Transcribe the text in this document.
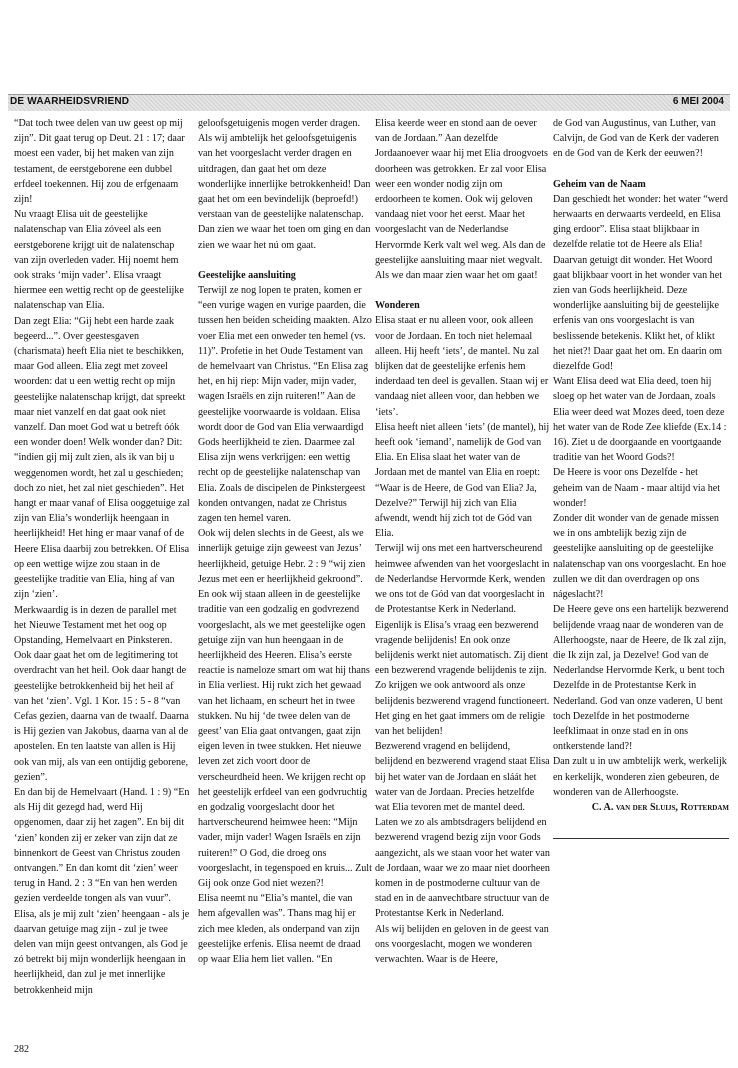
DE WAARHEIDSVRIEND	6 MEI 2004

“Dat toch twee delen van uw geest op mij zijn”. Dit gaat terug op Deut. 21 : 17; daar moest een vader, bij het maken van zijn testament, de eerstgeborene een dubbel erfdeel toekennen. Hij zou de erfgenaam zijn!

Nu vraagt Elisa uit de geestelijke nalatenschap van Elia zóveel als een eerstgeborene krijgt uit de nalatenschap van zijn overleden vader. Hij noemt hem ook straks ‘mijn vader’. Elisa vraagt hiermee een wettig recht op de geestelijke nalatenschap van Elia.

Dan zegt Elia: “Gij hebt een harde zaak begeerd...”. Over geestesgaven (charismata) heeft Elia niet te beschikken, maar God alleen. Elia zegt met zoveel woorden: dat u een wettig recht op mijn geestelijke nalatenschap krijgt, dat spreekt maar niet vanzelf en dat gaat ook niet vanzelf. Dan moet God wat u betreft óók een wonder doen! Welk wonder dan? Dit: “indien gij mij zult zien, als ik van bij u weggenomen wordt, het zal u geschieden; doch zo niet, het zal niet geschieden”. Het hangt er maar vanaf of Elisa ooggetuige zal zijn van Elia’s wonderlijk heengaan in heerlijkheid! Het hing er maar vanaf of de Heere Elisa daarbij zou betrekken. Of Elisa op een wettige wijze zou staan in de geestelijke traditie van Elia, hing af van zijn ‘zien’.

Merkwaardig is in dezen de parallel met het Nieuwe Testament met het oog op Opstanding, Hemelvaart en Pinksteren. Ook daar gaat het om de legitimering tot overdracht van het heil. Ook daar hangt de geestelijke betrokkenheid bij het heil af van het ‘zien’. Vgl. 1 Kor. 15 : 5 - 8 “van Cefas gezien, daarna van de twaalf. Daarna is Hij gezien van Jakobus, daarna van al de apostelen. En ten laatste van allen is Hij ook van mij, als van een ontijdig geborene, gezien”.

En dan bij de Hemelvaart (Hand. 1 : 9) “En als Hij dit gezegd had, werd Hij opgenomen, daar zij het zagen”. En bij dit ‘zien’ konden zij er zeker van zijn dat ze binnenkort de Geest van Christus zouden ontvangen.” En dan komt dit ‘zien’ weer terug in Hand. 2 : 3 “En van hen werden gezien verdeelde tongen als van vuur”.

Elisa, als je mij zult ‘zien’ heengaan - als je daarvan getuige mag zijn - zul je twee delen van mijn geest ontvangen, als God je zó betrekt bij mijn wonderlijk heengaan in heerlijkheid, dan zul je met innerlijke betrokkenheid mijn

geloofsgetuigenis mogen verder dragen.

Als wij ambtelijk het geloofsgetuigenis van het voorgeslacht verder dragen en uitdragen, dan gaat het om deze wonderlijke innerlijke betrokkenheid! Dan gaat het om een bevindelijk (beproefd!) verstaan van de geestelijke nalatenschap. Dan zien we waar het toen om ging en dan zien we waar het nú om gaat.

Geestelijke aansluiting

Terwijl ze nog lopen te praten, komen er “een vurige wagen en vurige paarden, die tussen hen beiden scheiding maakten. Alzo voer Elia met een onweder ten hemel (vs. 11)”. Profetie in het Oude Testament van de hemelvaart van Christus. “En Elisa zag het, en hij riep: Mijn vader, mijn vader, wagen Israëls en zijn ruiteren!” Aan de geestelijke voorwaarde is voldaan. Elisa wordt door de God van Elia verwaardigd Gods heerlijkheid te zien. Daarmee zal Elisa zijn wens verkrijgen: een wettig recht op de geestelijke nalatenschap van Elia. Zoals de discipelen de Pinkstergeest konden ontvangen, nadat ze Christus zagen ten hemel varen.

Ook wij delen slechts in de Geest, als we innerlijk getuige zijn geweest van Jezus’ heerlijkheid, getuige Hebr. 2 : 9 “wij zien Jezus met een er heerlijkheid gekroond”. En ook wij staan alleen in de geestelijke traditie van een godzalig en godvrezend voorgeslacht, als we met geestelijke ogen getuige zijn van hun heengaan in de heerlijkheid des Heeren. Elisa’s eerste reactie is nameloze smart om wat hij thans in Elia verliest. Hij rukt zich het gewaad van het lichaam, en scheurt het in twee stukken. Nu hij ‘de twee delen van de geest’ van Elia gaat ontvangen, gaat zijn eigen leven in twee stukken. Het nieuwe leven zet zich voort door de verscheurdheid heen. We krijgen recht op het geestelijk erfdeel van een godvruchtig en godzalig voorgeslacht door het hartverscheurend heimwee heen: “Mijn vader, mijn vader! Wagen Israëls en zijn ruiteren!” O God, die droeg ons voorgeslacht, in tegenspoed en kruis... Zult Gij ook onze God niet wezen?!

Elisa neemt nu “Elia’s mantel, die van hem afgevallen was”. Thans mag hij er zich mee kleden, als onderpand van zijn geestelijke erfenis. Elisa neemt de draad op waar Elia hem liet vallen. “En

Elisa keerde weer en stond aan de oever van de Jordaan.” Aan dezelfde Jordaanoever waar hij met Elia droogvoets doorheen was getrokken. Er zal voor Elisa weer een wonder nodig zijn om erdoorheen te komen. Ook wij geloven vandaag niet voor het eerst. Maar het voorgeslacht van de Nederlandse Hervormde Kerk valt wel weg. Als dan de geestelijke aansluiting maar niet wegvalt. Als we dan maar zien waar het om gaat!

Wonderen

Elisa staat er nu alleen voor, ook alleen voor de Jordaan. En toch niet helemaal alleen. Hij heeft ‘iets’, de mantel. Nu zal blijken dat de geestelijke erfenis hem inderdaad ten deel is gevallen. Staan wij er vandaag niet alleen voor, dan hebben we ‘iets’.

Elisa heeft niet alleen ‘iets’ (de mantel), hij heeft ook ‘iemand’, namelijk de God van Elia. En Elisa slaat het water van de Jordaan met de mantel van Elia en roept: “Waar is de Heere, de God van Elia? Ja, Dezelve?” Terwijl hij zich van Elia afwendt, wendt hij zich tot de Gód van Elia.

Terwijl wij ons met een hartverscheurend heimwee afwenden van het voorgeslacht in de Nederlandse Hervormde Kerk, wenden we ons tot de Gód van dat voorgeslacht in de Protestantse Kerk in Nederland.

Eigenlijk is Elisa’s vraag een bezwerend vragende belijdenis! En ook onze belijdenis werkt niet automatisch. Zij dient een bezwerend vragende belijdenis te zijn. Zo krijgen we ook antwoord als onze belijdenis bezwerend vragend functioneert. Het ging en het gaat immers om de religie van het belijden!

Bezwerend vragend en belijdend, belijdend en bezwerend vragend staat Elisa bij het water van de Jordaan en sláát het water van de Jordaan. Precies hetzelfde wat Elia tevoren met de mantel deed. Laten we zo als ambtsdragers belijdend en bezwerend vragend bezig zijn voor Gods aangezicht, als we staan voor het water van de Jordaan, waar we zo maar niet doorheen komen in de postmoderne cultuur van de stad en in de aanvechtbare structuur van de Protestantse Kerk in Nederland.

Als wij belijden en geloven in de geest van ons voorgeslacht, mogen we wonderen verwachten. Waar is de Heere,

de God van Augustinus, van Luther, van Calvijn, de God van de Kerk der vaderen en de God van de Kerk der eeuwen?!

Geheim van de Naam

Dan geschiedt het wonder: het water “werd herwaarts en derwaarts verdeeld, en Elisa ging erdoor”. Elisa staat blijkbaar in dezelfde relatie tot de Heere als Elia! Daarvan getuigt dit wonder. Het Woord gaat blijkbaar voort in het wonder van het zien van Gods heerlijkheid. Deze wonderlijke aansluiting bij de geestelijke erfenis van ons voorgeslacht is van beslissende betekenis. Klikt het, of klikt het niet?! Daar gaat het om. En daarin om diezelfde God!

Want Elisa deed wat Elia deed, toen hij sloeg op het water van de Jordaan, zoals Elia weer deed wat Mozes deed, toen deze het water van de Rode Zee kliefde (Ex.14 : 16). Ziet u de doorgaande en voortgaande traditie van het Woord Gods?!

De Heere is voor ons Dezelfde - het geheim van de Naam - maar altijd via het wonder!

Zonder dit wonder van de genade missen we in ons ambtelijk bezig zijn de geestelijke aansluiting op de geestelijke nalatenschap van ons voorgeslacht. En hoe zullen we dit dan overdragen op ons nágeslacht?!

De Heere geve ons een hartelijk bezwerend belijdende vraag naar de wonderen van de Allerhoogste, naar de Heere, de Ik zal zijn, die Ik zijn zal, ja Dezelve! God van de Nederlandse Hervormde Kerk, u bent toch Dezelfde in de Protestantse Kerk in Nederland. God van onze vaderen, U bent toch Dezelfde in het postmoderne leefklimaat in onze stad en in ons ontkerstende land?!

Dan zult u in uw ambtelijk werk, werkelijk en kerkelijk, wonderen zien gebeuren, de wonderen van de Allerhoogste.

C. A. van der Sluijs, Rotterdam

282
